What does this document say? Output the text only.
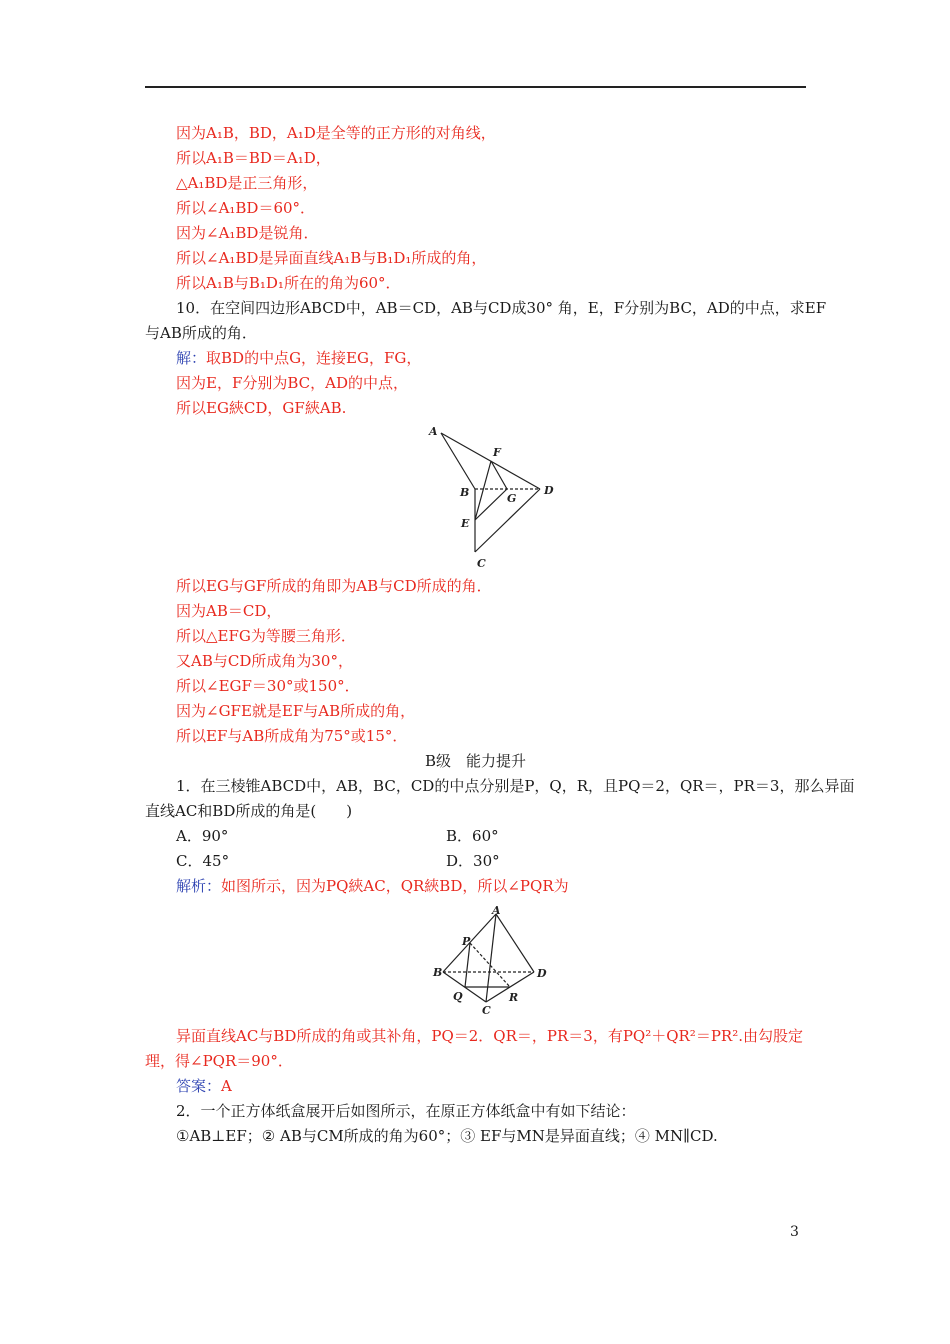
因为A₁B，BD，A₁D是全等的正方形的对角线，
所以A₁B＝BD＝A₁D，
△A₁BD是正三角形，
所以∠A₁BD＝60°．
因为∠A₁BD是锐角．
所以∠A₁BD是异面直线A₁B与B₁D₁所成的角，
所以A₁B与B₁D₁所在的角为60°．
10．在空间四边形ABCD中，AB＝CD，AB与CD成30° 角，E，F分别为BC，AD的中点，求EF
与AB所成的角．
解：取BD的中点G，连接EG，FG，
因为E，F分别为BC，AD的中点，
所以EG綊CD，GF綊AB.
A
F
B	G
D
E
C
所以EG与GF所成的角即为AB与CD所成的角．
因为AB＝CD，
所以△EFG为等腰三角形．
又AB与CD所成角为30°，
所以∠EGF＝30°或150°．
因为∠GFE就是EF与AB所成的角，
所以EF与AB所成角为75°或15°．
B级　能力提升
1．在三棱锥ABCD中，AB，BC，CD的中点分别是P，Q，R，且PQ＝2，QR＝，PR＝3，那么异面
直线AC和BD所成的角是(　　)
A．90°	B．60°
C．45°	D．30°
解析：如图所示，因为PQ綊AC，QR綊BD，所以∠PQR为
A
P
B	D
Q	R
C
异面直线AC与BD所成的角或其补角，PQ＝2．QR＝，PR＝3，有PQ²＋QR²＝PR².由勾股定
理，得∠PQR＝90°．
答案：A
2．一个正方体纸盒展开后如图所示，在原正方体纸盒中有如下结论：
①AB⊥EF；② AB与CM所成的角为60°；③ EF与MN是异面直线；④ MN∥CD.
3
